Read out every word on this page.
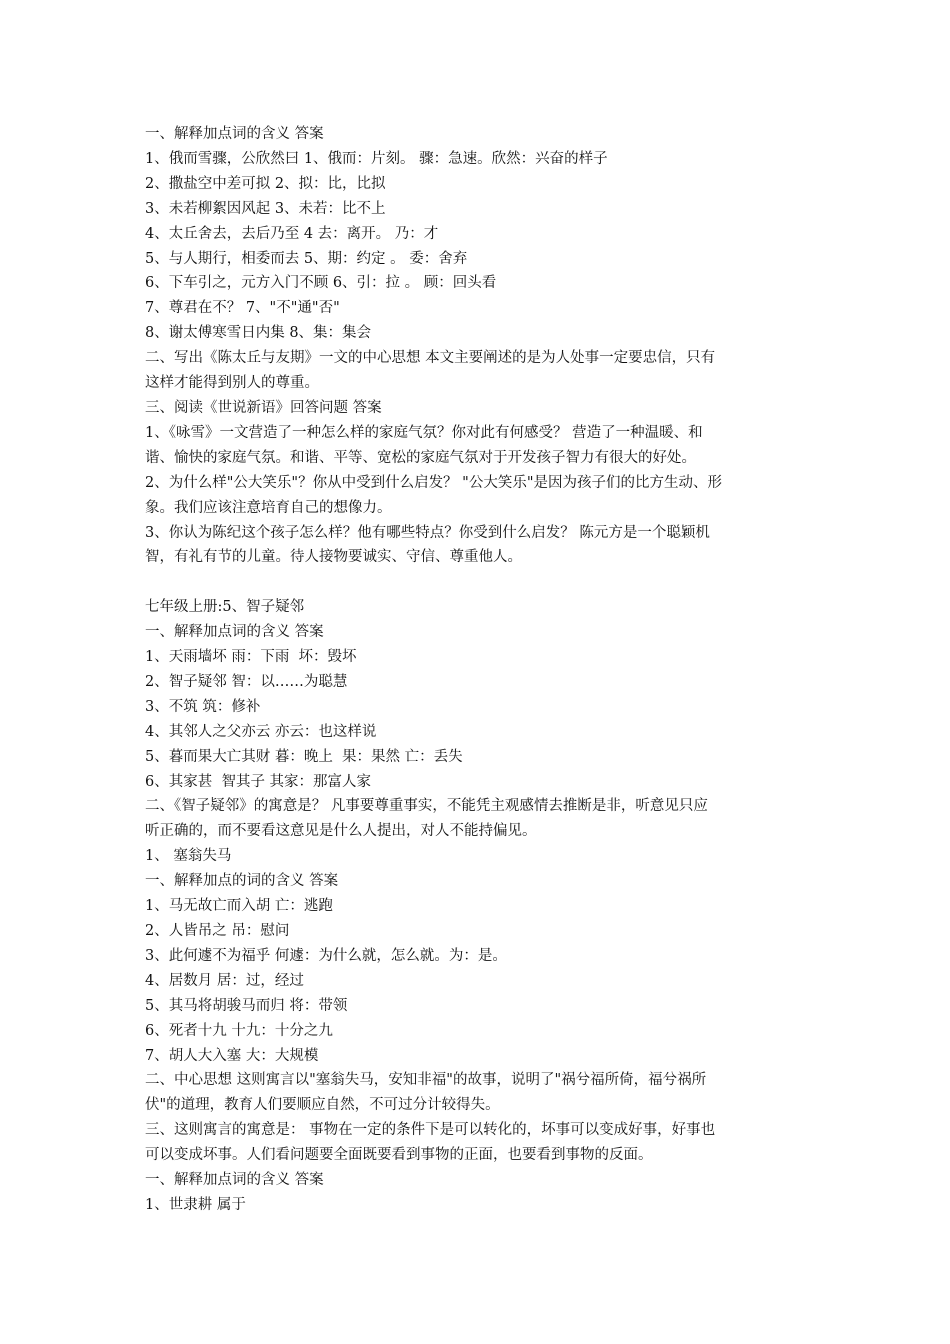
一、解释加点词的含义 答案

1、俄而雪骤，公欣然曰 1、俄而：片刻。 骤：急速。欣然：兴奋的样子

2、撒盐空中差可拟 2、拟：比，比拟

3、未若柳絮因风起 3、未若：比不上

4、太丘舍去，去后乃至 4 去：离开。 乃：才

5、与人期行，相委而去 5、期：约定 。 委：舍弃

6、下车引之，元方入门不顾 6、引：拉 。 顾：回头看

7、尊君在不？ 7、"不"通"否"

8、谢太傅寒雪日内集 8、集：集会

二、写出《陈太丘与友期》一文的中心思想 本文主要阐述的是为人处事一定要忠信，只有

这样才能得到别人的尊重。

三、阅读《世说新语》回答问题 答案

1、《咏雪》一文营造了一种怎么样的家庭气氛？你对此有何感受？ 营造了一种温暖、和

谐、愉快的家庭气氛。和谐、平等、宽松的家庭气氛对于开发孩子智力有很大的好处。

2、为什么样"公大笑乐"？你从中受到什么启发？ "公大笑乐"是因为孩子们的比方生动、形

象。我们应该注意培育自己的想像力。

3、你认为陈纪这个孩子怎么样？他有哪些特点？你受到什么启发？ 陈元方是一个聪颖机

智，有礼有节的儿童。待人接物要诚实、守信、尊重他人。

七年级上册:5、智子疑邻

一、解释加点词的含义 答案

1、天雨墙坏 雨：下雨  坏：毁坏

2、智子疑邻 智：以……为聪慧

3、不筑 筑：修补

4、其邻人之父亦云 亦云：也这样说

5、暮而果大亡其财 暮：晚上  果：果然 亡：丢失

6、其家甚  智其子 其家：那富人家

二、《智子疑邻》的寓意是？ 凡事要尊重事实，不能凭主观感情去推断是非，听意见只应

听正确的，而不要看这意见是什么人提出，对人不能持偏见。

1、 塞翁失马

一、解释加点的词的含义 答案

1、马无故亡而入胡 亡：逃跑

2、人皆吊之 吊：慰问

3、此何遽不为福乎 何遽：为什么就，怎么就。为：是。

4、居数月 居：过，经过

5、其马将胡骏马而归 将：带领

6、死者十九 十九：十分之九

7、胡人大入塞 大：大规模

二、中心思想 这则寓言以"塞翁失马，安知非福"的故事，说明了"祸兮福所倚，福兮祸所

伏"的道理，教育人们要顺应自然，不可过分计较得失。

三、这则寓言的寓意是： 事物在一定的条件下是可以转化的，坏事可以变成好事，好事也

可以变成坏事。人们看问题要全面既要看到事物的正面，也要看到事物的反面。

一、解释加点词的含义 答案

1、世隶耕 属于
